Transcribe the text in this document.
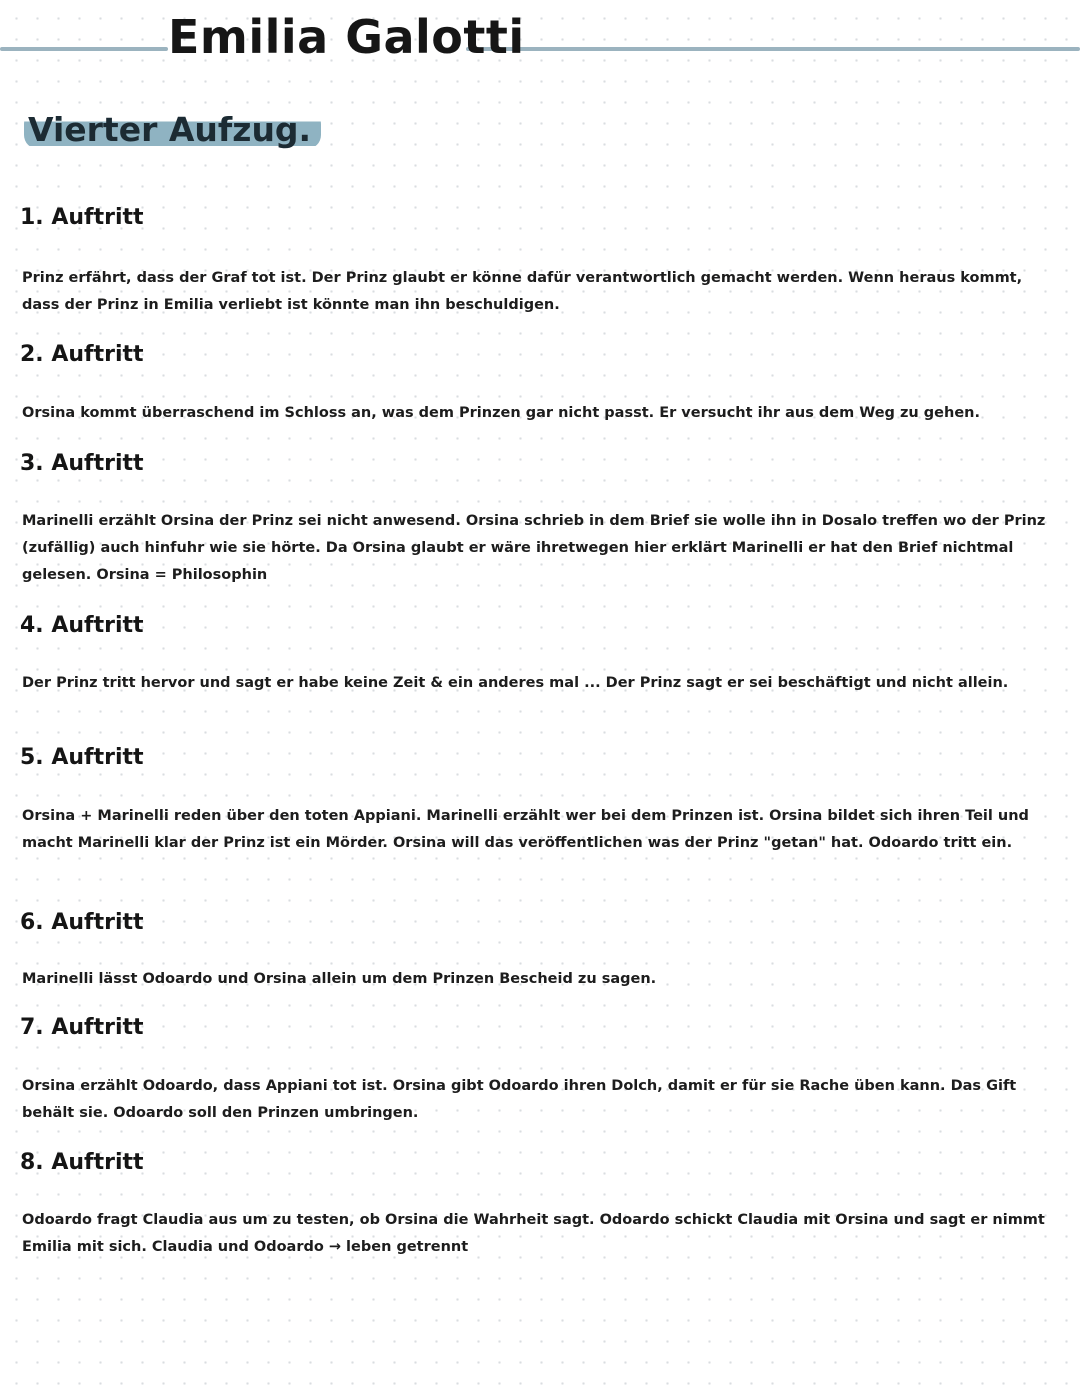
Emilia Galotti
Vierter Aufzug.
1. Auftritt

Prinz erfährt, dass der Graf tot ist. Der Prinz glaubt er könne dafür verantwortlich gemacht werden. Wenn heraus kommt, dass der Prinz in Emilia verliebt ist könnte man ihn beschuldigen.

2. Auftritt

Orsina kommt überraschend im Schloss an, was dem Prinzen gar nicht passt. Er versucht ihr aus dem Weg zu gehen.

3. Auftritt

Marinelli erzählt Orsina der Prinz sei nicht anwesend. Orsina schrieb in dem Brief sie wolle ihn in Dosalo treffen wo der Prinz (zufällig) auch hinfuhr wie sie hörte. Da Orsina glaubt er wäre ihretwegen hier erklärt Marinelli er hat den Brief nichtmal gelesen. Orsina = Philosophin

4. Auftritt

Der Prinz tritt hervor und sagt er habe keine Zeit & ein anderes mal ... Der Prinz sagt er sei beschäftigt und nicht allein.

5. Auftritt

Orsina + Marinelli reden über den toten Appiani. Marinelli erzählt wer bei dem Prinzen ist. Orsina bildet sich ihren Teil und macht Marinelli klar der Prinz ist ein Mörder. Orsina will das veröffentlichen was der Prinz "getan" hat. Odoardo tritt ein.

6. Auftritt

Marinelli lässt Odoardo und Orsina allein um dem Prinzen Bescheid zu sagen.

7. Auftritt

Orsina erzählt Odoardo, dass Appiani tot ist. Orsina gibt Odoardo ihren Dolch, damit er für sie Rache üben kann. Das Gift behält sie. Odoardo soll den Prinzen umbringen.

8. Auftritt

Odoardo fragt Claudia aus um zu testen, ob Orsina die Wahrheit sagt. Odoardo schickt Claudia mit Orsina und sagt er nimmt Emilia mit sich. Claudia und Odoardo → leben getrennt
